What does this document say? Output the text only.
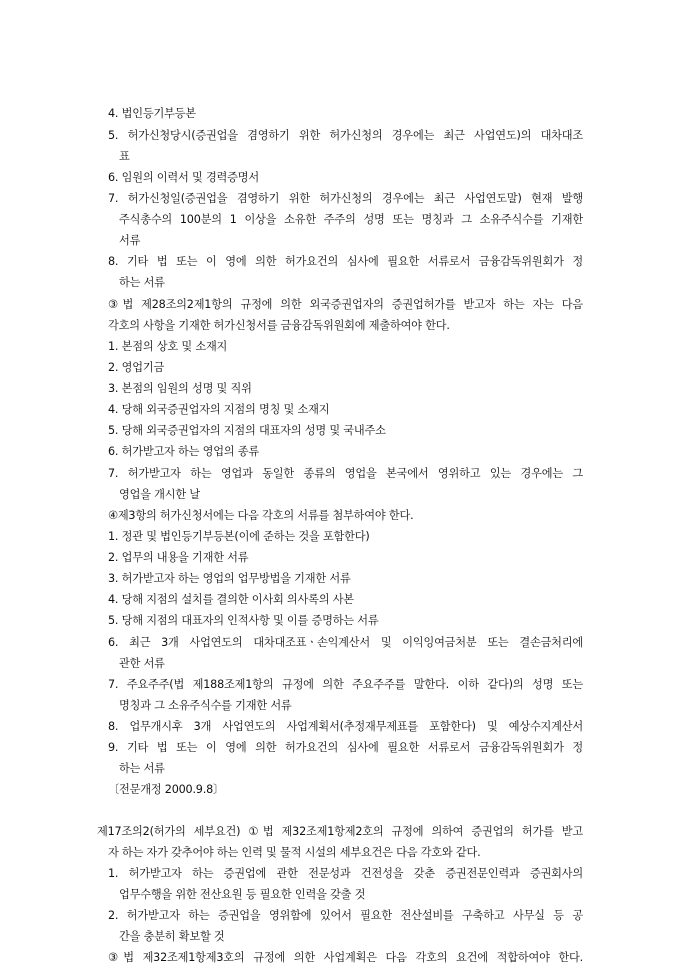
4. 법인등기부등본
5. 허가신청당시(증권업을 겸영하기 위한 허가신청의 경우에는 최근 사업연도)의 대차대조
표
6. 임원의 이력서 및 경력증명서
7. 허가신청일(증권업을 겸영하기 위한 허가신청의 경우에는 최근 사업연도말) 현재 발행
주식총수의 100분의 1 이상을 소유한 주주의 성명 또는 명칭과 그 소유주식수를 기재한
서류
8. 기타 법 또는 이 영에 의한 허가요건의 심사에 필요한 서류로서 금융감독위원회가 정
하는 서류
③법 제28조의2제1항의 규정에 의한 외국증권업자의 증권업허가를 받고자 하는 자는 다음
각호의 사항을 기재한 허가신청서를 금융감독위원회에 제출하여야 한다.
1. 본점의 상호 및 소재지
2. 영업기금
3. 본점의 임원의 성명 및 직위
4. 당해 외국증권업자의 지점의 명칭 및 소재지
5. 당해 외국증권업자의 지점의 대표자의 성명 및 국내주소
6. 허가받고자 하는 영업의 종류
7. 허가받고자 하는 영업과 동일한 종류의 영업을 본국에서 영위하고 있는 경우에는 그
영업을 개시한 날
④제3항의 허가신청서에는 다음 각호의 서류를 첨부하여야 한다.
1. 정관 및 법인등기부등본(이에 준하는 것을 포함한다)
2. 업무의 내용을 기재한 서류
3. 허가받고자 하는 영업의 업무방법을 기재한 서류
4. 당해 지점의 설치를 결의한 이사회 의사록의 사본
5. 당해 지점의 대표자의 인적사항 및 이를 증명하는 서류
6. 최근 3개 사업연도의 대차대조표ㆍ손익계산서 및 이익잉여금처분 또는 결손금처리에
관한 서류
7. 주요주주(법 제188조제1항의 규정에 의한 주요주주를 말한다. 이하 같다)의 성명 또는
명칭과 그 소유주식수를 기재한 서류
8. 업무개시후 3개 사업연도의 사업계획서(추정재무제표를 포함한다) 및 예상수지계산서
9. 기타 법 또는 이 영에 의한 허가요건의 심사에 필요한 서류로서 금융감독위원회가 정
하는 서류
〔전문개정 2000.9.8〕
제17조의2(허가의 세부요건) ①법 제32조제1항제2호의 규정에 의하여 증권업의 허가를 받고
자 하는 자가 갖추어야 하는 인력 및 물적 시설의 세부요건은 다음 각호와 같다.
1. 허가받고자 하는 증권업에 관한 전문성과 건전성을 갖춘 증권전문인력과 증권회사의
업무수행을 위한 전산요원 등 필요한 인력을 갖출 것
2. 허가받고자 하는 증권업을 영위함에 있어서 필요한 전산설비를 구축하고 사무실 등 공
간을 충분히 확보할 것
③법 제32조제1항제3호의 규정에 의한 사업계획은 다음 각호의 요건에 적합하여야 한다.
